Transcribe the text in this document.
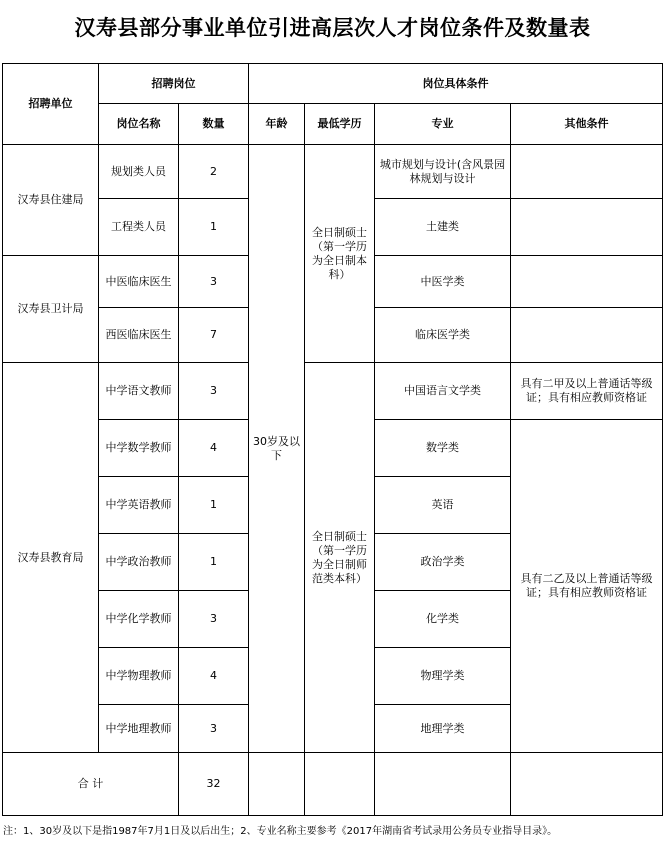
汉寿县部分事业单位引进高层次人才岗位条件及数量表
招聘单位	招聘岗位		岗位具体条件			
	岗位名称	数量	年龄	最低学历	专业	其他条件
汉寿县住建局	规划类人员	2	30岁及以下	全日制硕士（第一学历为全日制本科）	城市规划与设计(含风景园林规划与设计	
	工程类人员	1			土建类	
汉寿县卫计局	中医临床医生	3			中医学类	
	西医临床医生	7			临床医学类	
汉寿县教育局	中学语文教师	3		全日制硕士（第一学历为全日制师范类本科）	中国语言文学类	具有二甲及以上普通话等级证；具有相应教师资格证
	中学数学教师	4			数学类	具有二乙及以上普通话等级证；具有相应教师资格证
	中学英语教师	1			英语	
	中学政治教师	1			政治学类	
	中学化学教师	3			化学类	
	中学物理教师	4			物理学类	
	中学地理教师	3			地理学类	
合 计		32				
注：1、30岁及以下是指1987年7月1日及以后出生；2、专业名称主要参考《2017年湖南省考试录用公务员专业指导目录》。
